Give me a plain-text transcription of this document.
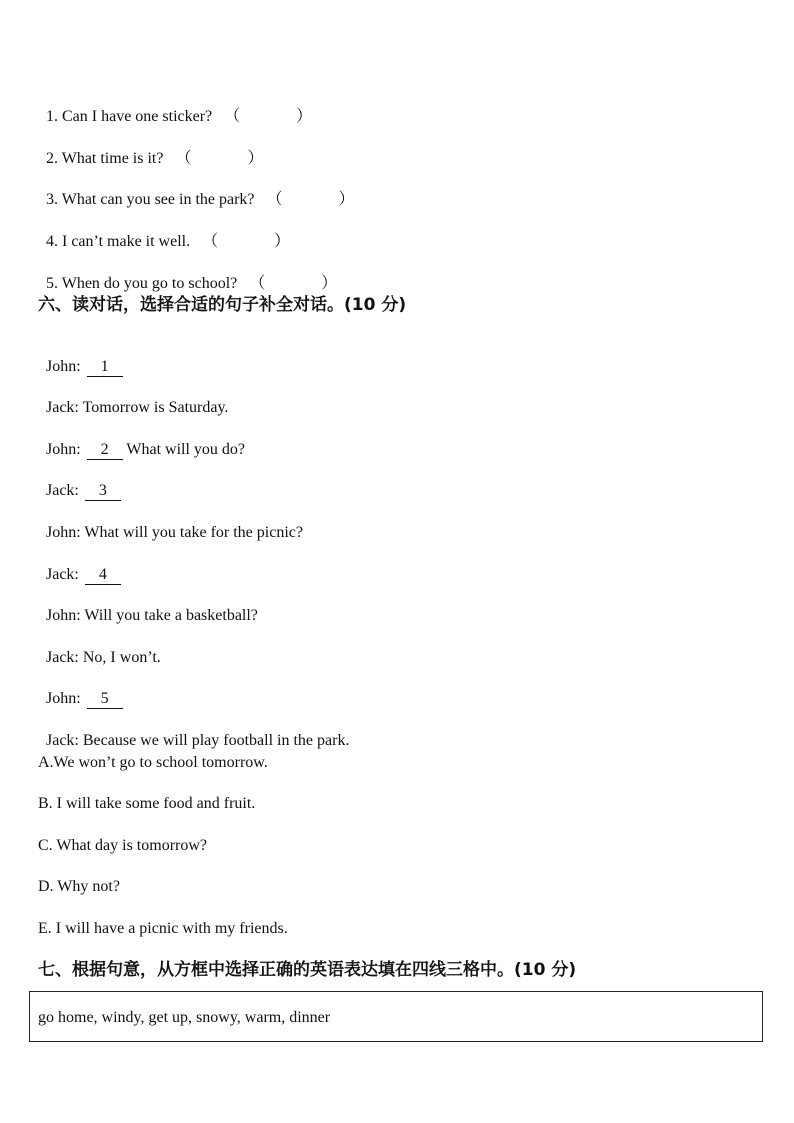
1. Can I have one sticker? （	）

2. What time is it? （	）

3. What can you see in the park? （	）

4. I can’t make it well. （	）

5. When do you go to school? （	）

六、读对话，选择合适的句子补全对话。(10 分)

John: 1

Jack: Tomorrow is Saturday.

John: 2 What will you do?

Jack: 3

John: What will you take for the picnic?

Jack: 4

John: Will you take a basketball?

Jack: No, I won’t.

John: 5

Jack: Because we will play football in the park.

A.We won’t go to school tomorrow.
B. I will take some food and fruit.
C. What day is tomorrow?
D. Why not?
E. I will have a picnic with my friends.
七、根据句意，从方框中选择正确的英语表达填在四线三格中。(10 分)
go home, windy, get up, snowy, warm, dinner
